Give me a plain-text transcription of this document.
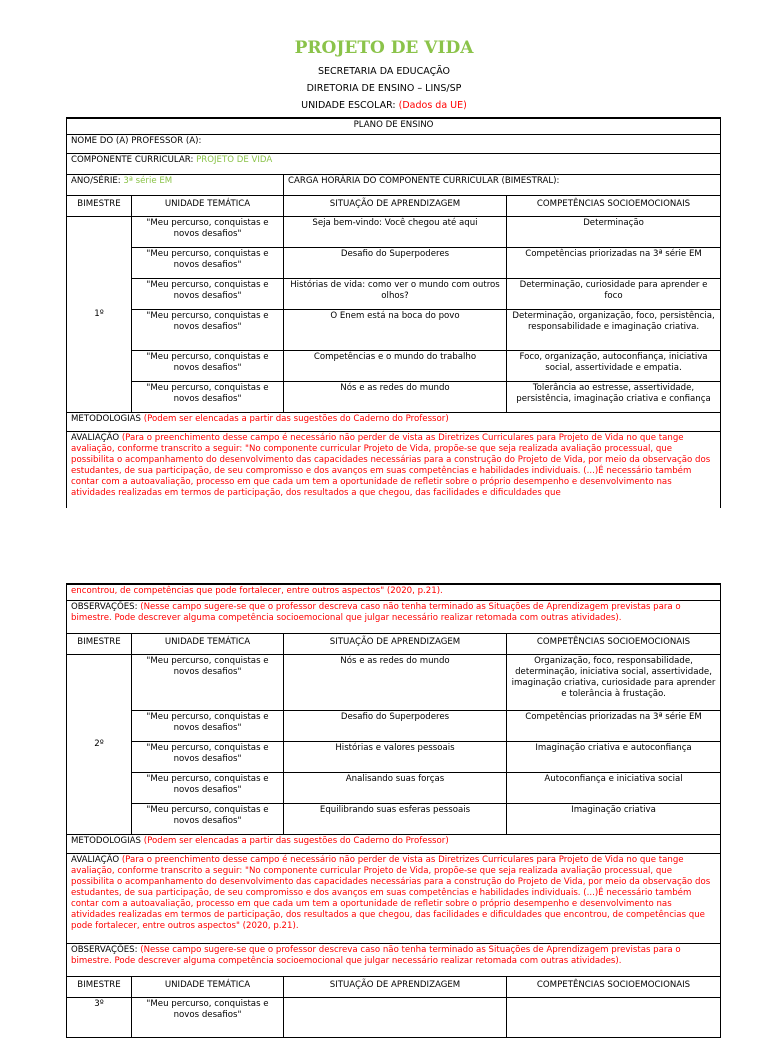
PROJETO DE VIDA
SECRETARIA DA EDUCAÇÃO
DIRETORIA DE ENSINO – LINS/SP
UNIDADE ESCOLAR: (Dados da UE)
PLANO DE ENSINO			
NOME DO (A) PROFESSOR (A):			
COMPONENTE CURRICULAR: PROJETO DE VIDA			
ANO/SÉRIE: 3ª série EM		CARGA HORÁRIA DO COMPONENTE CURRICULAR (BIMESTRAL):	
BIMESTRE	UNIDADE TEMÁTICA	SITUAÇÃO DE APRENDIZAGEM	COMPETÊNCIAS SOCIOEMOCIONAIS
1º	"Meu percurso, conquistas e novos desafios"	Seja bem-vindo: Você chegou até aqui	Determinação
	"Meu percurso, conquistas e novos desafios"	Desafio do Superpoderes	Competências priorizadas na 3ª série EM
	"Meu percurso, conquistas e novos desafios"	Histórias de vida: como ver o mundo com outros olhos?	Determinação, curiosidade para aprender e foco
	"Meu percurso, conquistas e novos desafios"	O Enem está na boca do povo	Determinação, organização, foco, persistência, responsabilidade e imaginação criativa.
	"Meu percurso, conquistas e novos desafios"	Competências e o mundo do trabalho	Foco, organização, autoconfiança, iniciativa social, assertividade e empatia.
	"Meu percurso, conquistas e novos desafios"	Nós e as redes do mundo	Tolerância ao estresse, assertividade, persistência, imaginação criativa e confiança
METODOLOGIAS (Podem ser elencadas a partir das sugestões do Caderno do Professor)			
AVALIAÇÃO (Para o preenchimento desse campo é necessário não perder de vista as Diretrizes Curriculares para Projeto de Vida no que tange avaliação, conforme transcrito a seguir: "No componente curricular Projeto de Vida, propõe-se que seja realizada avaliação processual, que possibilita o acompanhamento do desenvolvimento das capacidades necessárias para a construção do Projeto de Vida, por meio da observação dos estudantes, de sua participação, de seu compromisso e dos avanços em suas competências e habilidades individuais. (...)É necessário também contar com a autoavaliação, processo em que cada um tem a oportunidade de refletir sobre o próprio desempenho e desenvolvimento nas atividades realizadas em termos de participação, dos resultados a que chegou, das facilidades e dificuldades que			
encontrou, de competências que pode fortalecer, entre outros aspectos" (2020, p.21).			
OBSERVAÇÕES: (Nesse campo sugere-se que o professor descreva caso não tenha terminado as Situações de Aprendizagem previstas para o bimestre. Pode descrever alguma competência socioemocional que julgar necessário realizar retomada com outras atividades).			
BIMESTRE	UNIDADE TEMÁTICA	SITUAÇÃO DE APRENDIZAGEM	COMPETÊNCIAS SOCIOEMOCIONAIS
2º	"Meu percurso, conquistas e novos desafios"	Nós e as redes do mundo	Organização, foco, responsabilidade, determinação, iniciativa social, assertividade, imaginação criativa, curiosidade para aprender e tolerância à frustação.
	"Meu percurso, conquistas e novos desafios"	Desafio do Superpoderes	Competências priorizadas na 3ª série EM
	"Meu percurso, conquistas e novos desafios"	Histórias e valores pessoais	Imaginação criativa e autoconfiança
	"Meu percurso, conquistas e novos desafios"	Analisando suas forças	Autoconfiança e iniciativa social
	"Meu percurso, conquistas e novos desafios"	Equilibrando suas esferas pessoais	Imaginação criativa
METODOLOGIAS (Podem ser elencadas a partir das sugestões do Caderno do Professor)			
AVALIAÇÃO (Para o preenchimento desse campo é necessário não perder de vista as Diretrizes Curriculares para Projeto de Vida no que tange avaliação, conforme transcrito a seguir: "No componente curricular Projeto de Vida, propõe-se que seja realizada avaliação processual, que possibilita o acompanhamento do desenvolvimento das capacidades necessárias para a construção do Projeto de Vida, por meio da observação dos estudantes, de sua participação, de seu compromisso e dos avanços em suas competências e habilidades individuais. (...)É necessário também contar com a autoavaliação, processo em que cada um tem a oportunidade de refletir sobre o próprio desempenho e desenvolvimento nas atividades realizadas em termos de participação, dos resultados a que chegou, das facilidades e dificuldades que encontrou, de competências que pode fortalecer, entre outros aspectos" (2020, p.21).			
OBSERVAÇÕES: (Nesse campo sugere-se que o professor descreva caso não tenha terminado as Situações de Aprendizagem previstas para o bimestre. Pode descrever alguma competência socioemocional que julgar necessário realizar retomada com outras atividades).			
BIMESTRE	UNIDADE TEMÁTICA	SITUAÇÃO DE APRENDIZAGEM	COMPETÊNCIAS SOCIOEMOCIONAIS
3º	"Meu percurso, conquistas e novos desafios"		
